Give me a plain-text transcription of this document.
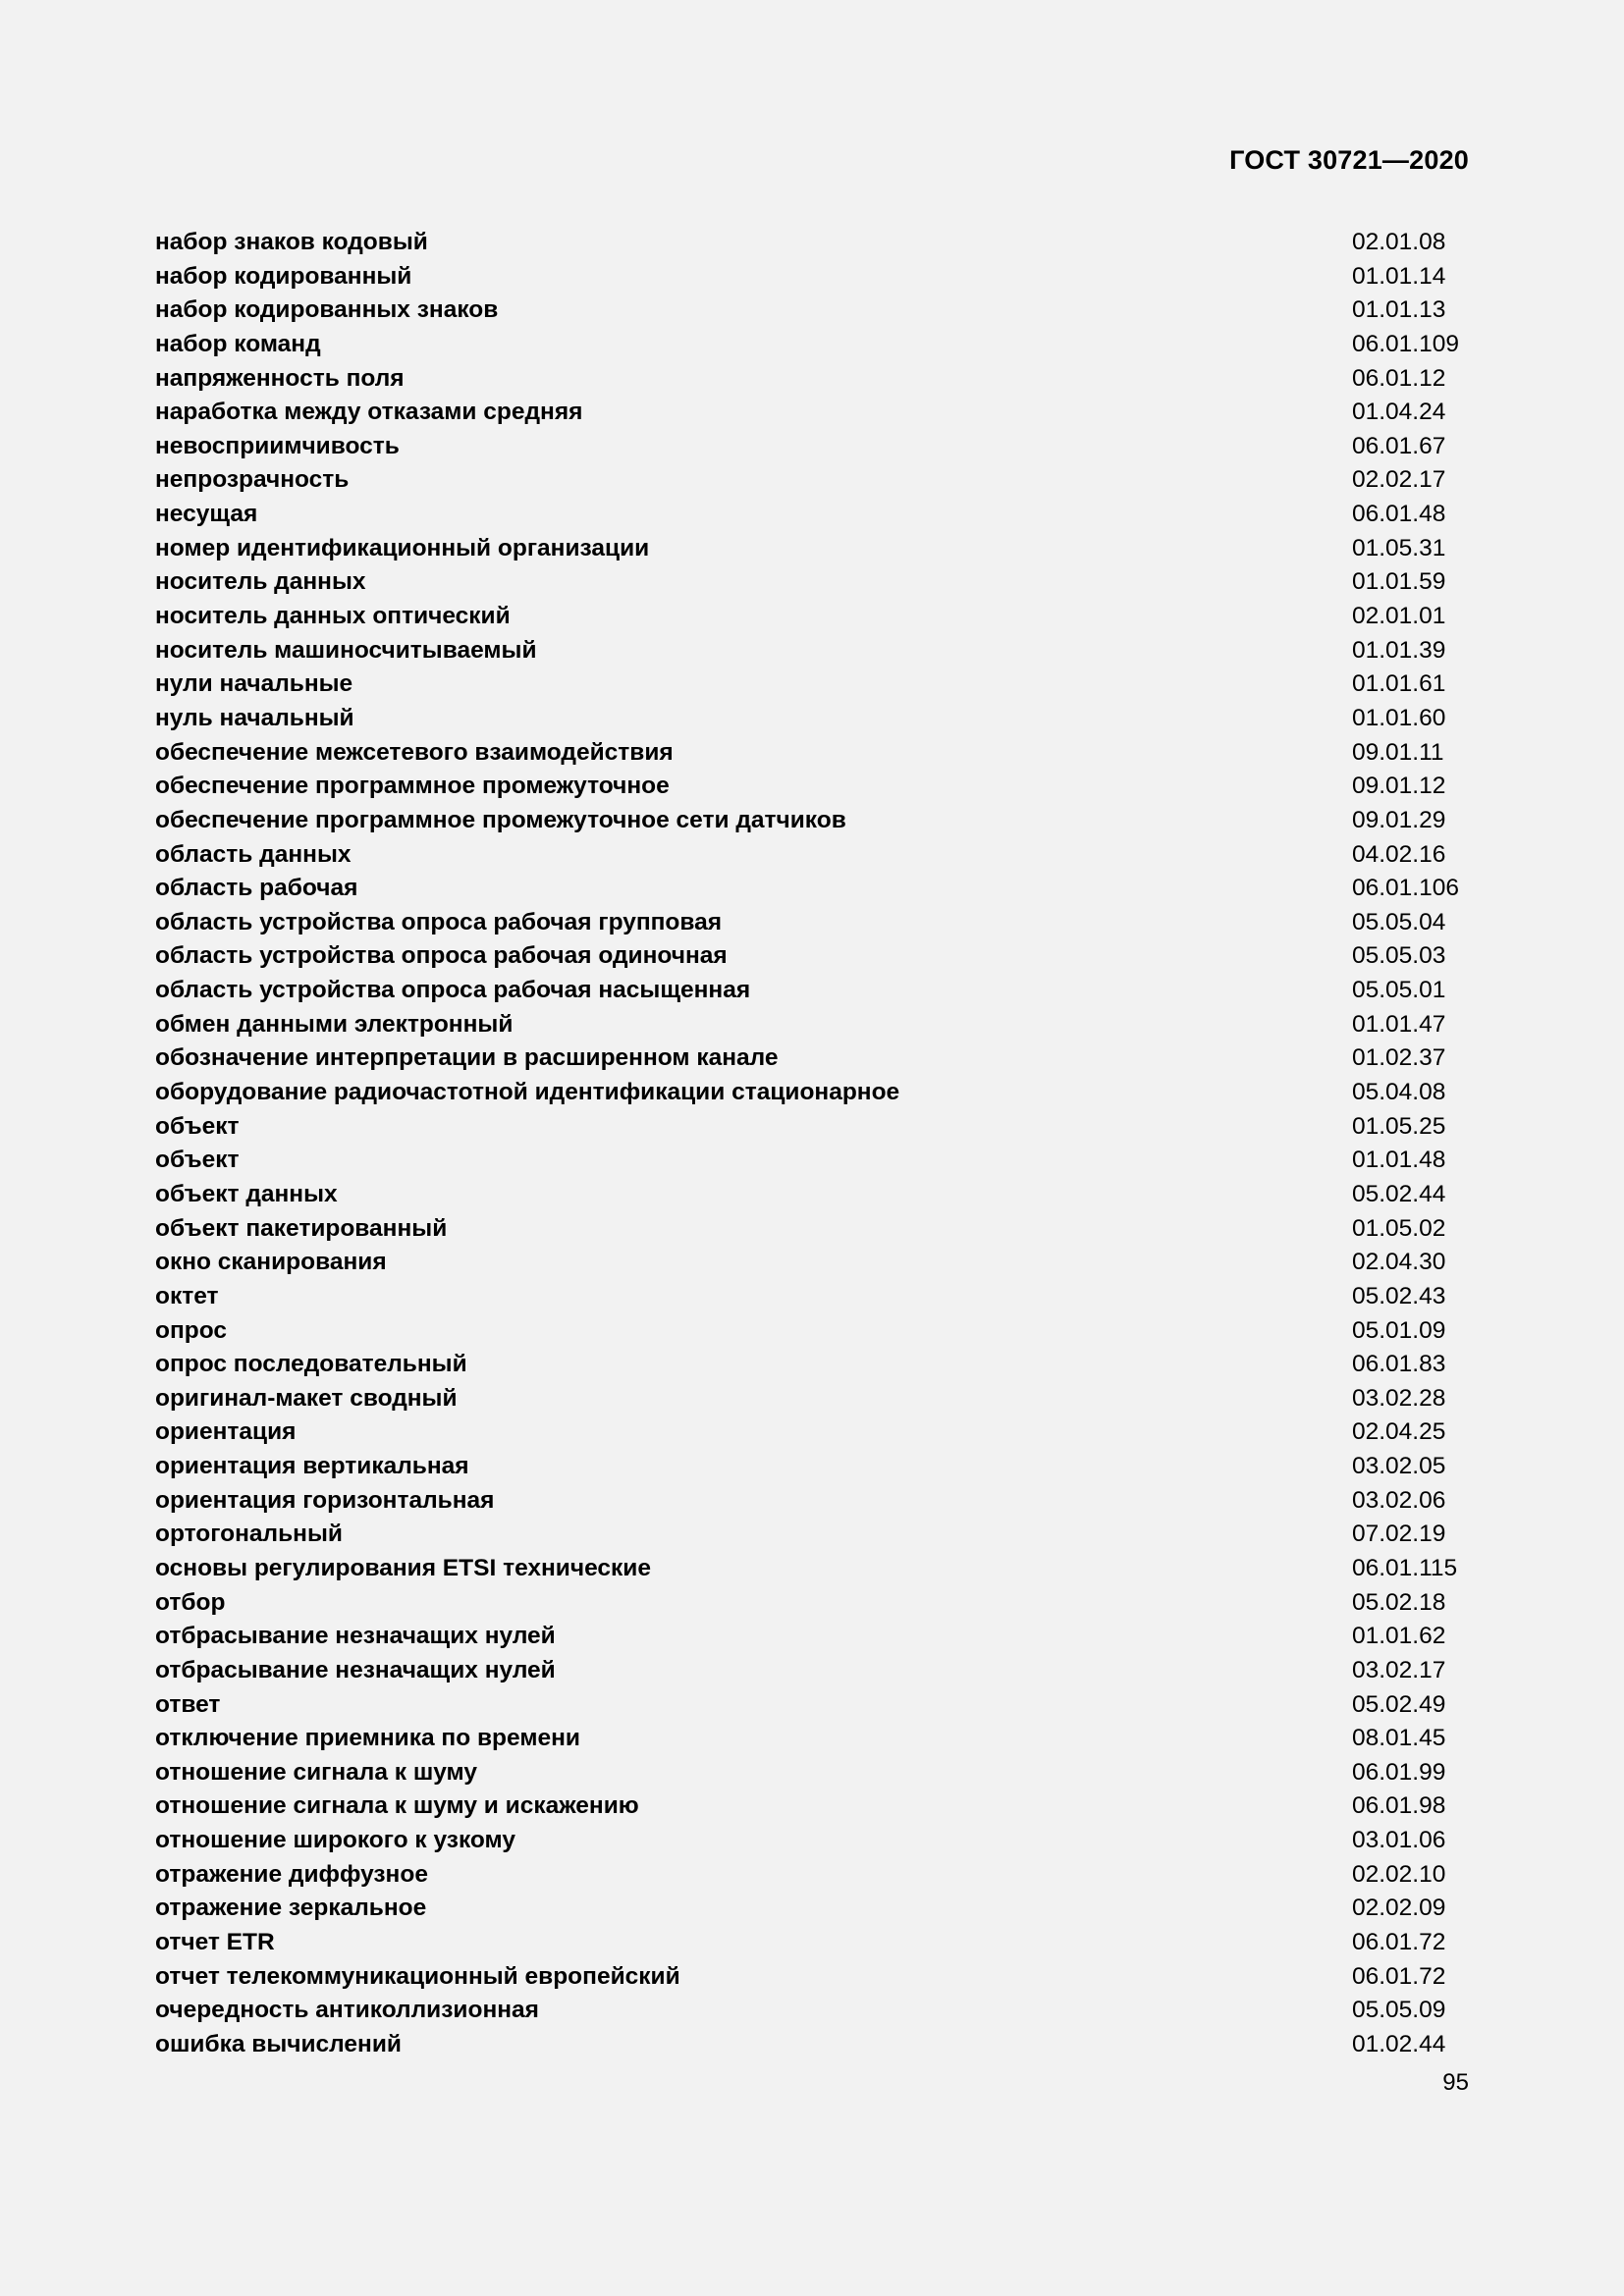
ГОСТ 30721—2020
набор знаков кодовый	02.01.08
набор кодированный	01.01.14
набор кодированных знаков	01.01.13
набор команд	06.01.109
напряженность поля	06.01.12
наработка между отказами средняя	01.04.24
невосприимчивость	06.01.67
непрозрачность	02.02.17
несущая	06.01.48
номер идентификационный организации	01.05.31
носитель данных	01.01.59
носитель данных оптический	02.01.01
носитель машиносчитываемый	01.01.39
нули начальные	01.01.61
нуль начальный	01.01.60
обеспечение межсетевого взаимодействия	09.01.11
обеспечение программное промежуточное	09.01.12
обеспечение программное промежуточное сети датчиков	09.01.29
область данных	04.02.16
область рабочая	06.01.106
область устройства опроса рабочая групповая	05.05.04
область устройства опроса рабочая одиночная	05.05.03
область устройства опроса рабочая насыщенная	05.05.01
обмен данными электронный	01.01.47
обозначение интерпретации в расширенном канале	01.02.37
оборудование радиочастотной идентификации стационарное	05.04.08
объект	01.05.25
объект	01.01.48
объект данных	05.02.44
объект пакетированный	01.05.02
окно сканирования	02.04.30
октет	05.02.43
опрос	05.01.09
опрос последовательный	06.01.83
оригинал-макет сводный	03.02.28
ориентация	02.04.25
ориентация вертикальная	03.02.05
ориентация горизонтальная	03.02.06
ортогональный	07.02.19
основы регулирования ETSI технические	06.01.115
отбор	05.02.18
отбрасывание незначащих нулей	01.01.62
отбрасывание незначащих нулей	03.02.17
ответ	05.02.49
отключение приемника по времени	08.01.45
отношение сигнала к шуму	06.01.99
отношение сигнала к шуму и искажению	06.01.98
отношение широкого к узкому	03.01.06
отражение диффузное	02.02.10
отражение зеркальное	02.02.09
отчет ETR	06.01.72
отчет телекоммуникационный европейский	06.01.72
очередность антиколлизионная	05.05.09
ошибка вычислений	01.02.44
95
